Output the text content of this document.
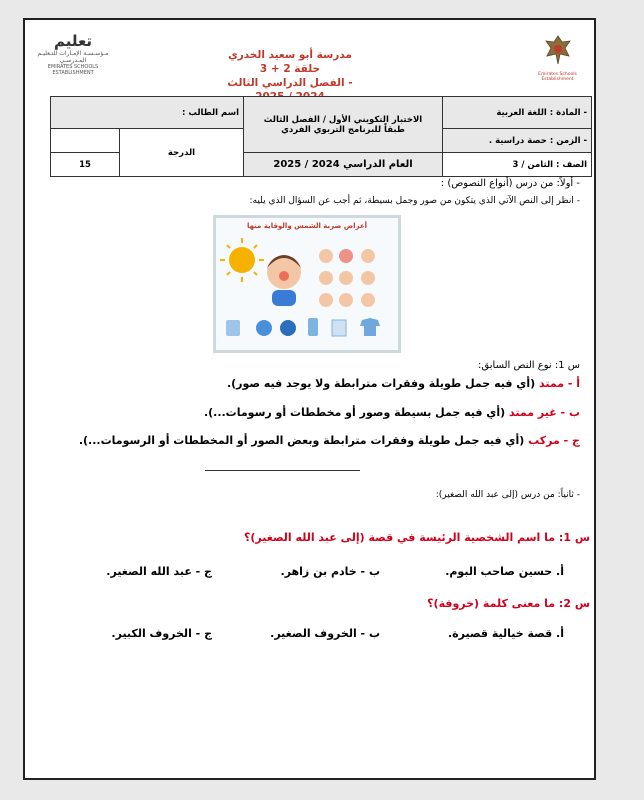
تعليم
مـؤسـسـة الإمـارات للتـعليـم المـدرسـي
EMIRATES SCHOOLS ESTABLISHMENT
مدرسة أبو سعيد الخدري حلقة 2 + 3
- الفصل الدراسي الثالث
Emirates Schools Establishment
- المادة : اللغة العربية	الاختبار التكويني الأول / الفصل الثالث
طبقاً للبرنامج التربوي الفردي	اسم الطالب :	
- الزمن : حصة دراسية .		الدرجة	
الصف : الثامن / 3	العام الدراسي 2024 / 2025		15
- أولاً: من درس (أنواع النصوص) :
- انظر إلى النص الآتي الذي يتكون من صور وجمل بسيطة، ثم أجب عن السؤال الذي يليه:
أعراض ضربة الشمس والوقاية منها
س 1: نوع النص السابق:
أ - ممتد (أي فيه جمل طويلة وفقرات مترابطة ولا يوجد فيه صور).
ب - غير ممتد (أي فيه جمل بسيطة وصور أو مخططات أو رسومات...).
ج - مركب (أي فيه جمل طويلة وفقرات مترابطة وبعض الصور أو المخططات أو الرسومات...).
- ثانياً: من درس (إلى عبد الله الصغير):
س 1: ما اسم الشخصية الرئيسة في قصة (إلى عبد الله الصغير)؟
أ. حسين صاحب البوم.
ب - خادم بن زاهر.
ج - عبد الله الصغير.
س 2: ما معنى كلمة (خروفة)؟
أ. قصة خيالية قصيرة.
ب - الخروف الصغير.
ج - الخروف الكبير.
